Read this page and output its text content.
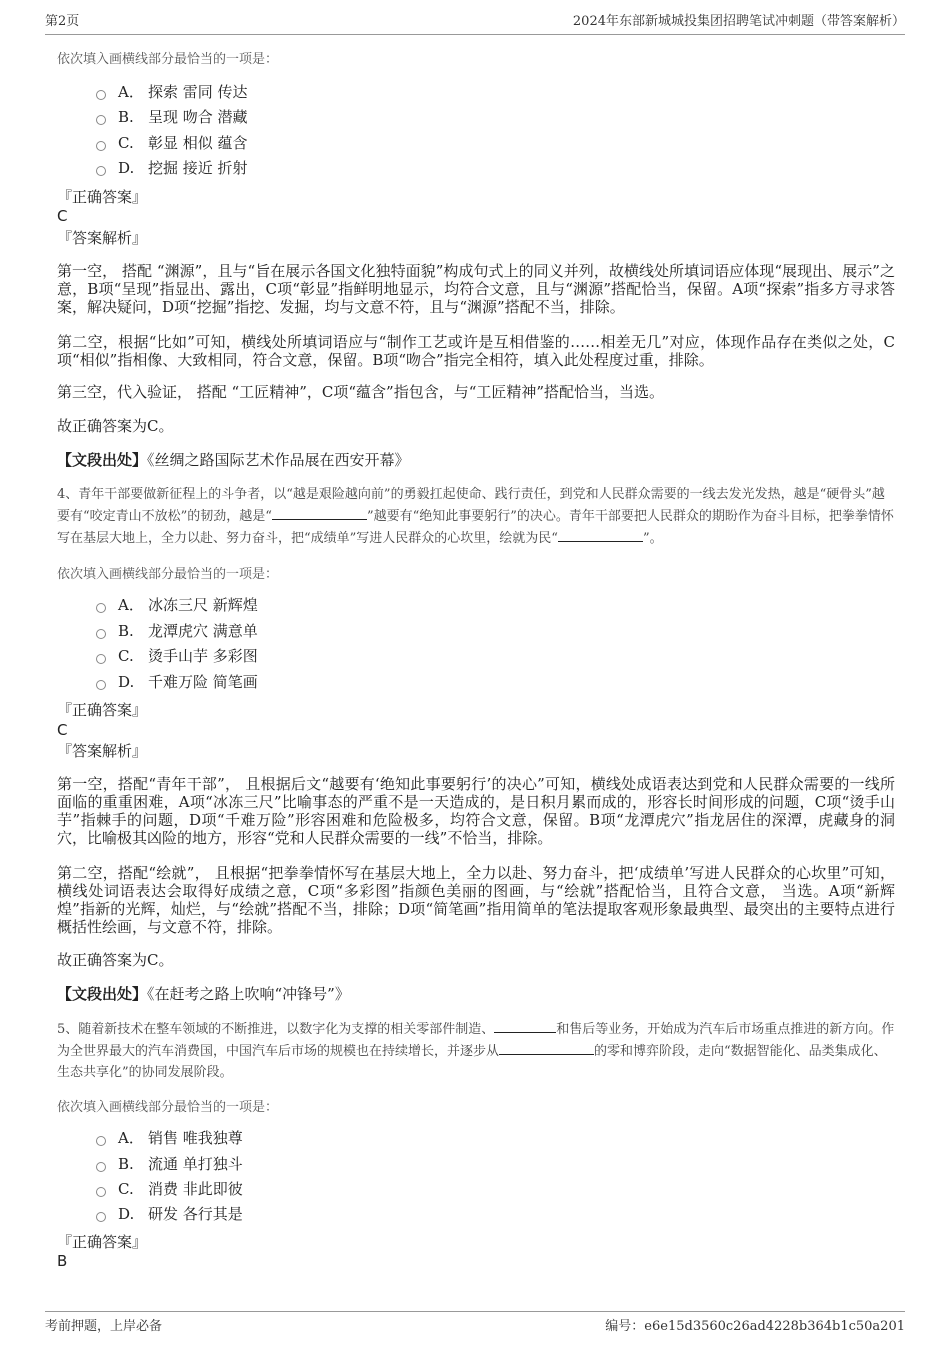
第2页	2024年东部新城城投集团招聘笔试冲刺题（带答案解析）
依次填入画横线部分最恰当的一项是：
A． 探索 雷同 传达
B. 呈现 吻合 潜藏
C. 彰显 相似 蕴含
D. 挖掘 接近 折射
『正确答案』
C
『答案解析』
第一空， 搭配 “渊源”，且与“旨在展示各国文化独特面貌”构成句式上的同义并列，故横线处所填词语应体现“展现出、展示”之意，B项“呈现”指显出、露出，C项“彰显”指鲜明地显示，均符合文意，且与“渊源”搭配恰当，保留。A项“探索”指多方寻求答案，解决疑问，D项“挖掘”指挖、发掘，均与文意不符，且与“渊源”搭配不当，排除。
第二空，根据“比如”可知，横线处所填词语应与“制作工艺或许是互相借鉴的……相差无几”对应，体现作品存在类似之处，C项“相似”指相像、大致相同，符合文意，保留。B项“吻合”指完全相符，填入此处程度过重，排除。
第三空，代入验证， 搭配 “工匠精神”，C项“蕴含”指包含，与“工匠精神”搭配恰当，当选。
故正确答案为C。
【文段出处】《丝绸之路国际艺术作品展在西安开幕》
4、青年干部要做新征程上的斗争者，以“越是艰险越向前”的勇毅扛起使命、践行责任，到党和人民群众需要的一线去发光发热，越是“硬骨头”越要有“咬定青山不放松”的韧劲，越是“	”越要有“绝知此事要躬行”的决心。青年干部要把人民群众的期盼作为奋斗目标，把拳拳情怀写在基层大地上，全力以赴、努力奋斗，把“成绩单”写进人民群众的心坎里，绘就为民“	”。
依次填入画横线部分最恰当的一项是：
A． 冰冻三尺 新辉煌
B. 龙潭虎穴 满意单
C. 烫手山芋 多彩图
D. 千难万险 简笔画
『正确答案』
C
『答案解析』
第一空，搭配“青年干部”， 且根据后文“越要有‘绝知此事要躬行’的决心”可知，横线处成语表达到党和人民群众需要的一线所面临的重重困难，A项“冰冻三尺”比喻事态的严重不是一天造成的，是日积月累而成的，形容长时间形成的问题，C项“烫手山芋”指棘手的问题，D项“千难万险”形容困难和危险极多，均符合文意，保留。B项“龙潭虎穴”指龙居住的深潭，虎藏身的洞穴，比喻极其凶险的地方，形容“党和人民群众需要的一线”不恰当，排除。
第二空，搭配“绘就”， 且根据“把拳拳情怀写在基层大地上，全力以赴、努力奋斗，把‘成绩单’写进人民群众的心坎里”可知，横线处词语表达会取得好成绩之意，C项“多彩图”指颜色美丽的图画，与“绘就”搭配恰当，且符合文意， 当选。A项“新辉煌”指新的光辉，灿烂，与“绘就”搭配不当，排除；D项“简笔画”指用简单的笔法提取客观形象最典型、最突出的主要特点进行概括性绘画，与文意不符，排除。
故正确答案为C。
【文段出处】《在赶考之路上吹响“冲锋号”》
5、随着新技术在整车领域的不断推进，以数字化为支撑的相关零部件制造、	和售后等业务，开始成为汽车后市场重点推进的新方向。作为全世界最大的汽车消费国，中国汽车后市场的规模也在持续增长，并逐步从	的零和博弈阶段，走向“数据智能化、品类集成化、生态共享化”的协同发展阶段。
依次填入画横线部分最恰当的一项是：
A． 销售 唯我独尊
B. 流通 单打独斗
C. 消费 非此即彼
D. 研发 各行其是
『正确答案』
B
考前押题，上岸必备	编号：e6e15d3560c26ad4228b364b1c50a201
